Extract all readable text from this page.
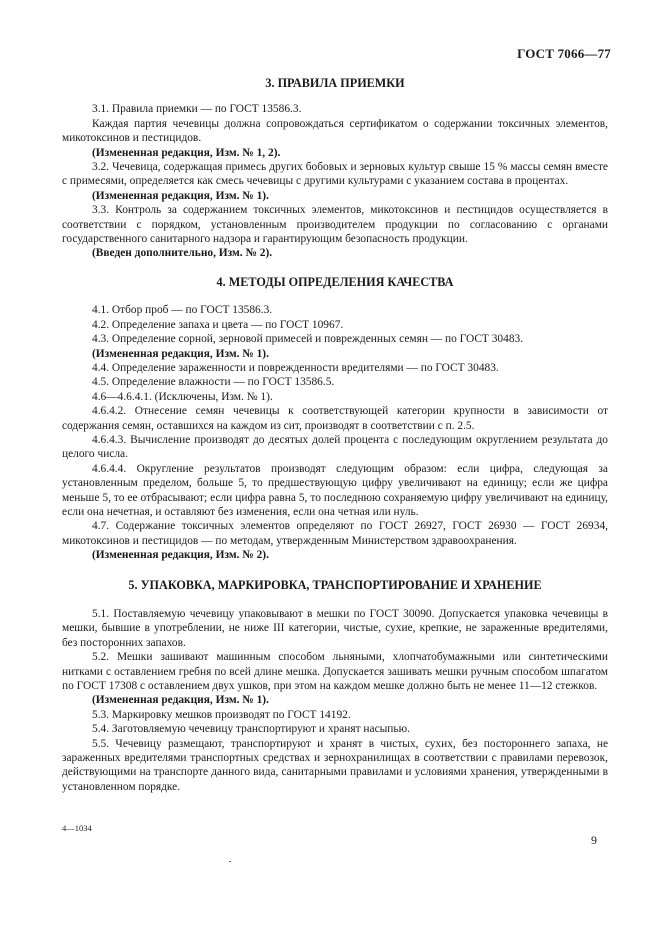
ГОСТ 7066—77
3. ПРАВИЛА ПРИЕМКИ

3.1. Правила приемки — по ГОСТ 13586.3.

Каждая партия чечевицы должна сопровождаться сертификатом о содержании токсичных элементов, микотоксинов и пестицидов.

(Измененная редакция, Изм. № 1, 2).

3.2. Чечевица, содержащая примесь других бобовых и зерновых культур свыше 15 % массы семян вместе с примесями, определяется как смесь чечевицы с другими культурами с указанием состава в процентах.

(Измененная редакция, Изм. № 1).

3.3. Контроль за содержанием токсичных элементов, микотоксинов и пестицидов осуществляется в соответствии с порядком, установленным производителем продукции по согласованию с органами государственного санитарного надзора и гарантирующим безопасность продукции.

(Введен дополнительно, Изм. № 2).

4. МЕТОДЫ ОПРЕДЕЛЕНИЯ КАЧЕСТВА

4.1. Отбор проб — по ГОСТ 13586.3.

4.2. Определение запаха и цвета — по ГОСТ 10967.

4.3. Определение сорной, зерновой примесей и поврежденных семян — по ГОСТ 30483.

(Измененная редакция, Изм. № 1).

4.4. Определение зараженности и поврежденности вредителями — по ГОСТ 30483.

4.5. Определение влажности — по ГОСТ 13586.5.

4.6—4.6.4.1. (Исключены, Изм. № 1).

4.6.4.2. Отнесение семян чечевицы к соответствующей категории крупности в зависимости от содержания семян, оставшихся на каждом из сит, производят в соответствии с п. 2.5.

4.6.4.3. Вычисление производят до десятых долей процента с последующим округлением результата до целого числа.

4.6.4.4. Округление результатов производят следующим образом: если цифра, следующая за установленным пределом, больше 5, то предшествующую цифру увеличивают на единицу; если же цифра меньше 5, то ее отбрасывают; если цифра равна 5, то последнюю сохраняемую цифру увеличивают на единицу, если она нечетная, и оставляют без изменения, если она четная или нуль.

4.7. Содержание токсичных элементов определяют по ГОСТ 26927, ГОСТ 26930 — ГОСТ 26934, микотоксинов и пестицидов — по методам, утвержденным Министерством здравоохранения.

(Измененная редакция, Изм. № 2).

5. УПАКОВКА, МАРКИРОВКА, ТРАНСПОРТИРОВАНИЕ И ХРАНЕНИЕ

5.1. Поставляемую чечевицу упаковывают в мешки по ГОСТ 30090. Допускается упаковка чечевицы в мешки, бывшие в употреблении, не ниже III категории, чистые, сухие, крепкие, не зараженные вредителями, без посторонних запахов.

5.2. Мешки зашивают машинным способом льняными, хлопчатобумажными или синтетическими нитками с оставлением гребня по всей длине мешка. Допускается зашивать мешки ручным способом шпагатом по ГОСТ 17308 с оставлением двух ушков, при этом на каждом мешке должно быть не менее 11—12 стежков.

(Измененная редакция, Изм. № 1).

5.3. Маркировку мешков производят по ГОСТ 14192.

5.4. Заготовляемую чечевицу транспортируют и хранят насыпью.

5.5. Чечевицу размещают, транспортируют и хранят в чистых, сухих, без постороннего запаха, не зараженных вредителями транспортных средствах и зернохранилищах в соответствии с правилами перевозок, действующими на транспорте данного вида, санитарными правилами и условиями хранения, утвержденными в установленном порядке.

4—1034
9
